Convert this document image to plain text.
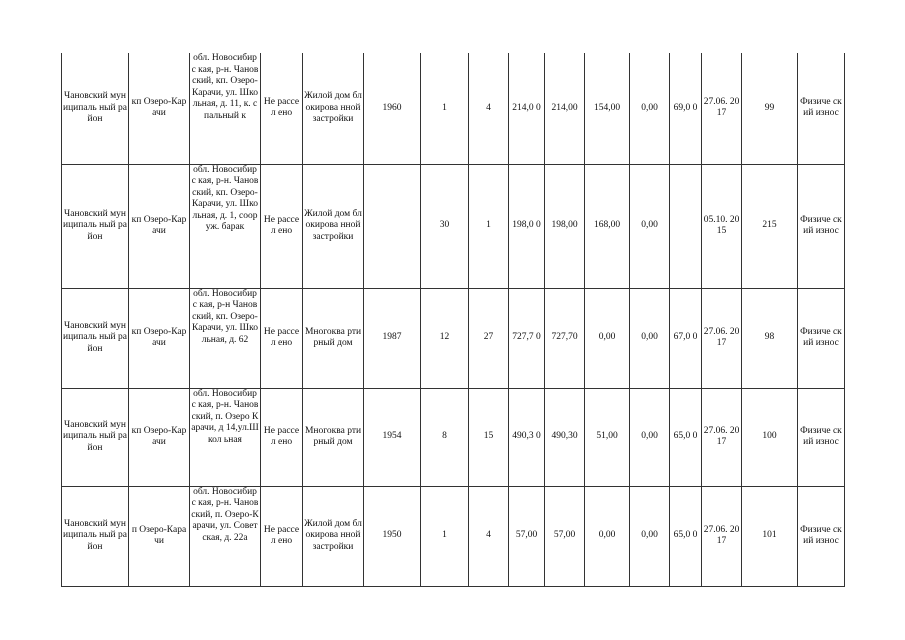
Чановский муниципаль ный район	кп Озеро-Карачи	обл. Новосибирс кая, р-н. Чановский, кп. Озеро-Карачи, ул. Школьная, д. 11, к. спальный к	Не рассел ено	Жилой дом блокирова нной застройки	1960	1	4	214,0 0	214,00	154,00	0,00	69,0 0	27.06. 2017	99	Физиче ский износ
Чановский муниципаль ный район	кп Озеро-Карачи	обл. Новосибирс кая, р-н. Чановский, кп. Озеро-Карачи, ул. Школьная, д. 1, сооруж. барак	Не рассел ено	Жилой дом блокирова нной застройки		30	1	198,0 0	198,00	168,00	0,00		05.10. 2015	215	Физиче ский износ
Чановский муниципаль ный район	кп Озеро-Карачи	обл. Новосибирс кая, р-н Чановский, кп. Озеро-Карачи, ул. Школьная, д. 62	Не рассел ено	Многоква ртирный дом	1987	12	27	727,7 0	727,70	0,00	0,00	67,0 0	27.06. 2017	98	Физиче ский износ
Чановский муниципаль ный район	кп Озеро-Карачи	обл. Новосибирс кая, р-н. Чановский, п. Озеро Карачи, д 14,ул.Школ ьная	Не рассел ено	Многоква ртирный дом	1954	8	15	490,3 0	490,30	51,00	0,00	65,0 0	27.06. 2017	100	Физиче ский износ
Чановский муниципаль ный район	п Озеро-Карачи	обл. Новосибирс кая, р-н. Чановский, п. Озеро-Карачи, ул. Советская, д. 22а	Не рассел ено	Жилой дом блокирова нной застройки	1950	1	4	57,00	57,00	0,00	0,00	65,0 0	27.06. 2017	101	Физиче ский износ
